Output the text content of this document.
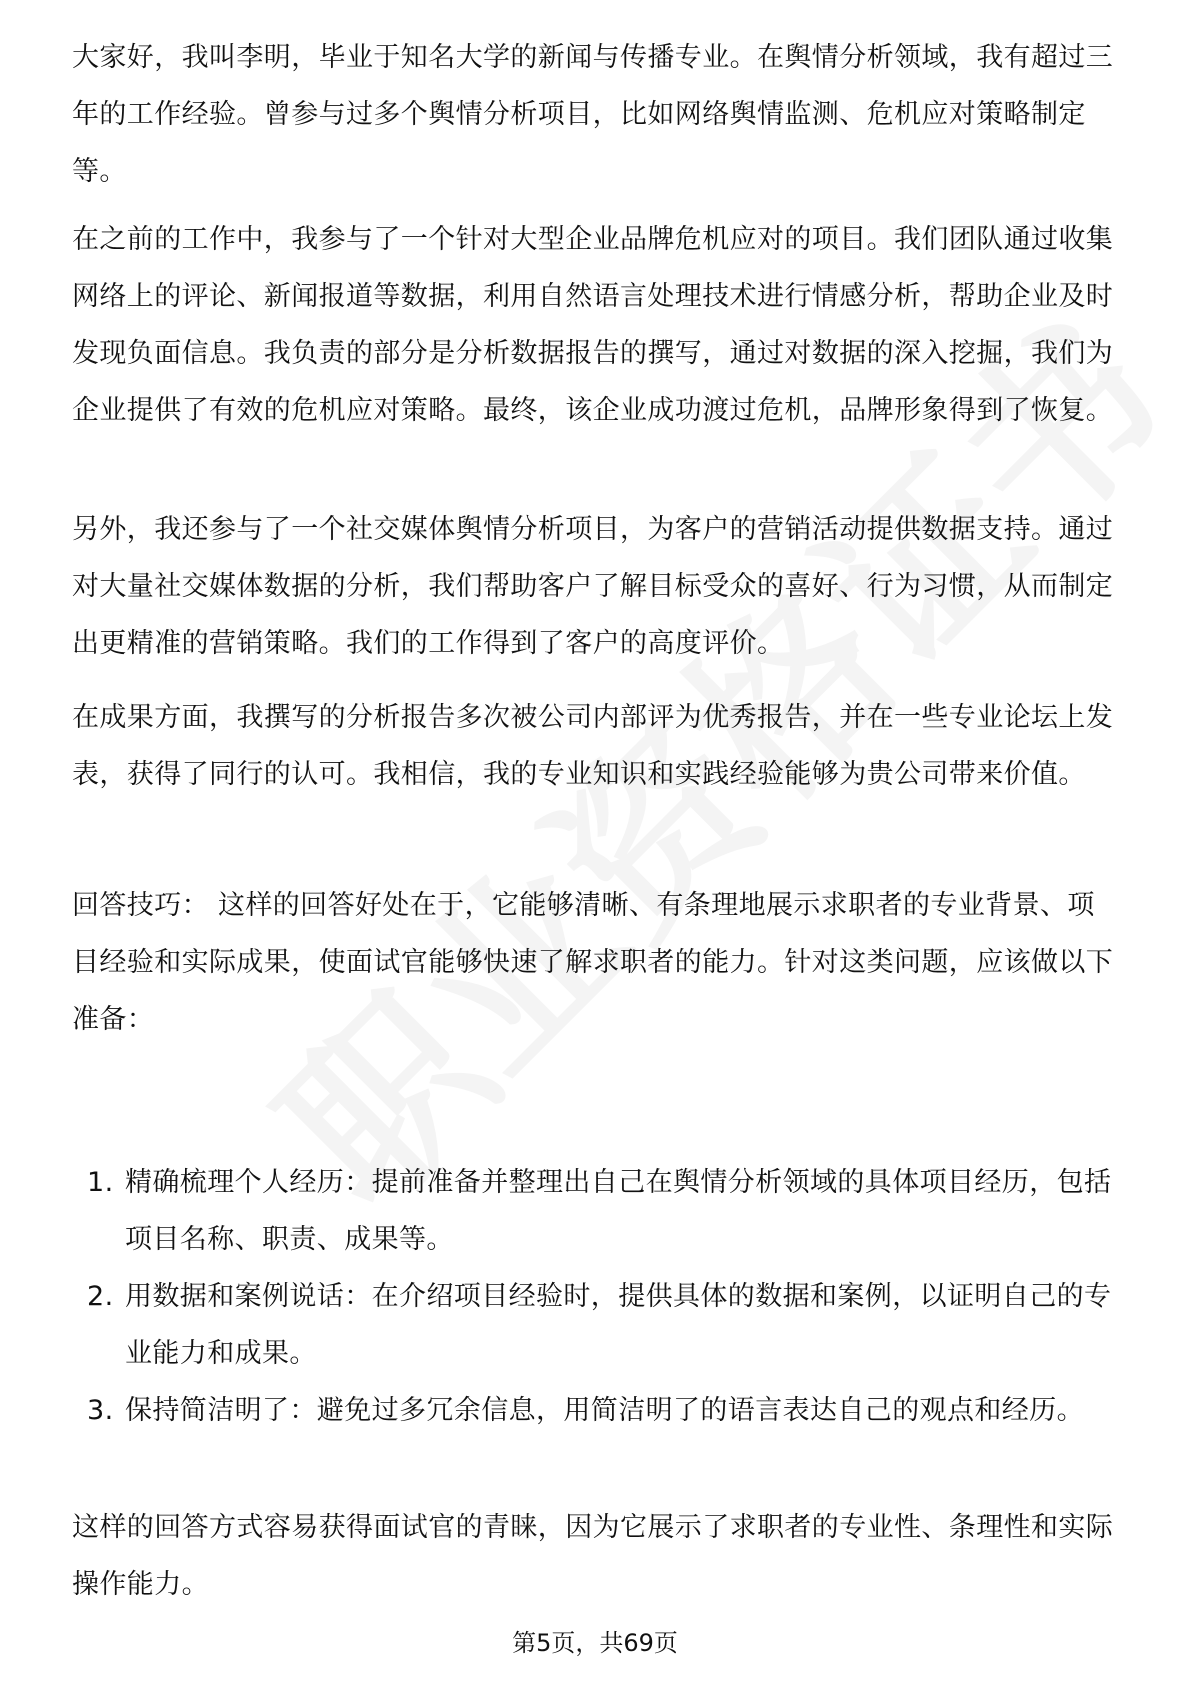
大家好，我叫李明，毕业于知名大学的新闻与传播专业。在舆情分析领域，我有超过三年的工作经验。曾参与过多个舆情分析项目，比如网络舆情监测、危机应对策略制定等。

在之前的工作中，我参与了一个针对大型企业品牌危机应对的项目。我们团队通过收集网络上的评论、新闻报道等数据，利用自然语言处理技术进行情感分析，帮助企业及时发现负面信息。我负责的部分是分析数据报告的撰写，通过对数据的深入挖掘，我们为企业提供了有效的危机应对策略。最终，该企业成功渡过危机，品牌形象得到了恢复。

另外，我还参与了一个社交媒体舆情分析项目，为客户的营销活动提供数据支持。通过对大量社交媒体数据的分析，我们帮助客户了解目标受众的喜好、行为习惯，从而制定出更精准的营销策略。我们的工作得到了客户的高度评价。

在成果方面，我撰写的分析报告多次被公司内部评为优秀报告，并在一些专业论坛上发表，获得了同行的认可。我相信，我的专业知识和实践经验能够为贵公司带来价值。

回答技巧： 这样的回答好处在于，它能够清晰、有条理地展示求职者的专业背景、项目经验和实际成果，使面试官能够快速了解求职者的能力。针对这类问题，应该做以下准备：

1. 精确梳理个人经历：提前准备并整理出自己在舆情分析领域的具体项目经历，包括项目名称、职责、成果等。
2. 用数据和案例说话：在介绍项目经验时，提供具体的数据和案例，以证明自己的专业能力和成果。
3. 保持简洁明了：避免过多冗余信息，用简洁明了的语言表达自己的观点和经历。

这样的回答方式容易获得面试官的青睐，因为它展示了求职者的专业性、条理性和实际操作能力。

第5页，共69页
